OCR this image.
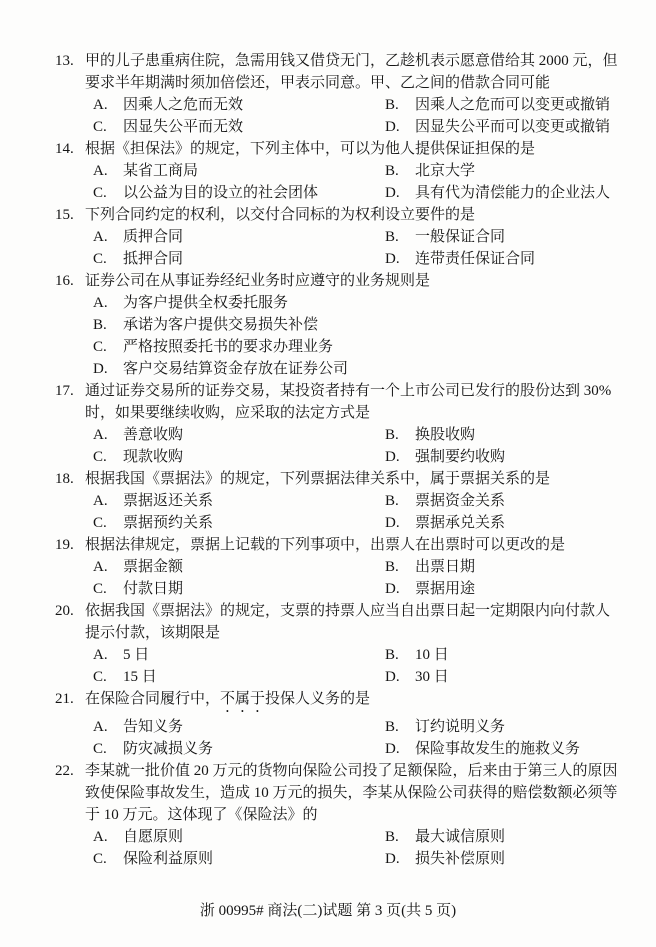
13. 甲的儿子患重病住院，急需用钱又借贷无门，乙趁机表示愿意借给其 2000 元，但要求半年期满时须加倍偿还，甲表示同意。甲、乙之间的借款合同可能
A.	因乘人之危而无效	B.	因乘人之危而可以变更或撤销
C.	因显失公平而无效	D.	因显失公平而可以变更或撤销
14. 根据《担保法》的规定，下列主体中，可以为他人提供保证担保的是
A.	某省工商局	B.	北京大学
C.	以公益为目的设立的社会团体	D.	具有代为清偿能力的企业法人
15. 下列合同约定的权利，以交付合同标的为权利设立要件的是
A.	质押合同	B.	一般保证合同
C.	抵押合同	D.	连带责任保证合同
16. 证券公司在从事证券经纪业务时应遵守的业务规则是
A.	为客户提供全权委托服务
B.	承诺为客户提供交易损失补偿
C.	严格按照委托书的要求办理业务
D.	客户交易结算资金存放在证券公司
17. 通过证券交易所的证券交易，某投资者持有一个上市公司已发行的股份达到 30%时，如果要继续收购，应采取的法定方式是
A.	善意收购	B.	换股收购
C.	现款收购	D.	强制要约收购
18. 根据我国《票据法》的规定，下列票据法律关系中，属于票据关系的是
A.	票据返还关系	B.	票据资金关系
C.	票据预约关系	D.	票据承兑关系
19. 根据法律规定，票据上记载的下列事项中，出票人在出票时可以更改的是
A.	票据金额	B.	出票日期
C.	付款日期	D.	票据用途
20. 依据我国《票据法》的规定，支票的持票人应当自出票日起一定期限内向付款人提示付款，该期限是
A.	5 日	B.	10 日
C.	15 日	D.	30 日
21. 在保险合同履行中，不属于投保人义务的是
A.	告知义务	B.	订约说明义务
C.	防灾减损义务	D.	保险事故发生的施救义务
22. 李某就一批价值 20 万元的货物向保险公司投了足额保险，后来由于第三人的原因致使保险事故发生，造成 10 万元的损失，李某从保险公司获得的赔偿数额必须等于 10 万元。这体现了《保险法》的
A.	自愿原则	B.	最大诚信原则
C.	保险利益原则	D.	损失补偿原则
浙 00995# 商法(二)试题 第 3 页(共 5 页)
